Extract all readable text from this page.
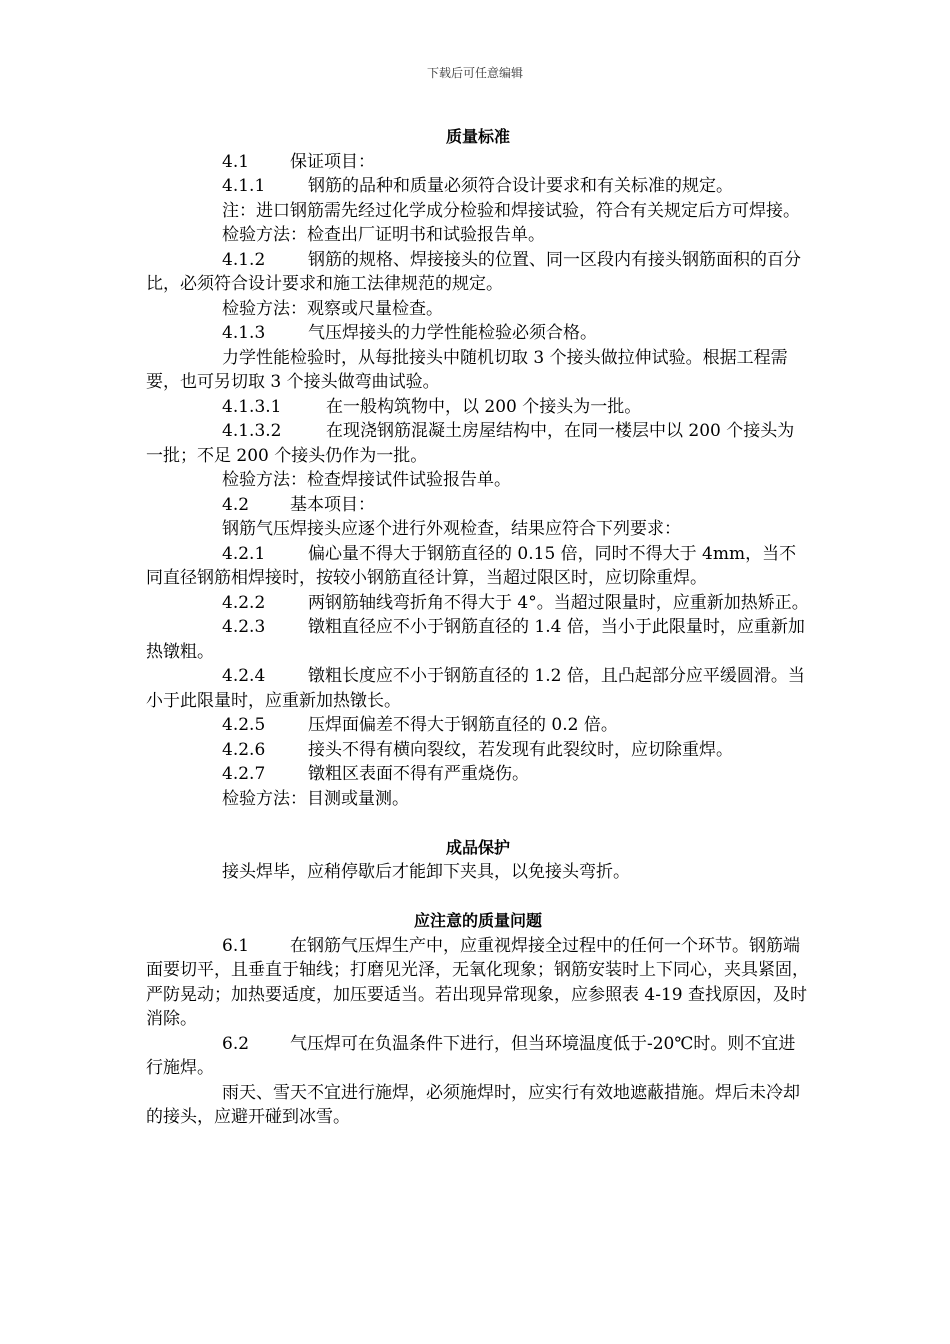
下载后可任意编辑

质量标准

4.1 保证项目：

4.1.1	钢筋的品种和质量必须符合设计要求和有关标准的规定。

注：进口钢筋需先经过化学成分检验和焊接试验，符合有关规定后方可焊接。

检验方法：检查出厂证明书和试验报告单。

4.1.2	钢筋的规格、焊接接头的位置、同一区段内有接头钢筋面积的百分比，必须符合设计要求和施工法律规范的规定。

检验方法：观察或尺量检查。

4.1.3	气压焊接头的力学性能检验必须合格。

力学性能检验时，从每批接头中随机切取 3 个接头做拉伸试验。根据工程需要，也可另切取 3 个接头做弯曲试验。

4.1.3.1	在一般构筑物中，以 200 个接头为一批。

4.1.3.2	在现浇钢筋混凝土房屋结构中，在同一楼层中以 200 个接头为一批；不足 200 个接头仍作为一批。

检验方法：检查焊接试件试验报告单。

4.2 基本项目：

钢筋气压焊接头应逐个进行外观检查，结果应符合下列要求：

4.2.1	偏心量不得大于钢筋直径的 0.15 倍，同时不得大于 4mm，当不同直径钢筋相焊接时，按较小钢筋直径计算，当超过限区时，应切除重焊。

4.2.2	两钢筋轴线弯折角不得大于 4°。当超过限量时，应重新加热矫正。

4.2.3	镦粗直径应不小于钢筋直径的 1.4 倍，当小于此限量时，应重新加热镦粗。

4.2.4	镦粗长度应不小于钢筋直径的 1.2 倍，且凸起部分应平缓圆滑。当小于此限量时，应重新加热镦长。

4.2.5	压焊面偏差不得大于钢筋直径的 0.2 倍。

4.2.6	接头不得有横向裂纹，若发现有此裂纹时，应切除重焊。

4.2.7	镦粗区表面不得有严重烧伤。

检验方法：目测或量测。

成品保护

接头焊毕，应稍停歇后才能卸下夹具，以免接头弯折。

应注意的质量问题

6.1 在钢筋气压焊生产中，应重视焊接全过程中的任何一个环节。钢筋端面要切平，且垂直于轴线；打磨见光泽，无氧化现象；钢筋安装时上下同心，夹具紧固，严防晃动；加热要适度，加压要适当。若出现异常现象，应参照表 4-19 查找原因，及时消除。

6.2 气压焊可在负温条件下进行，但当环境温度低于-20℃时。则不宜进行施焊。

雨天、雪天不宜进行施焊，必须施焊时，应实行有效地遮蔽措施。焊后未冷却的接头，应避开碰到冰雪。
